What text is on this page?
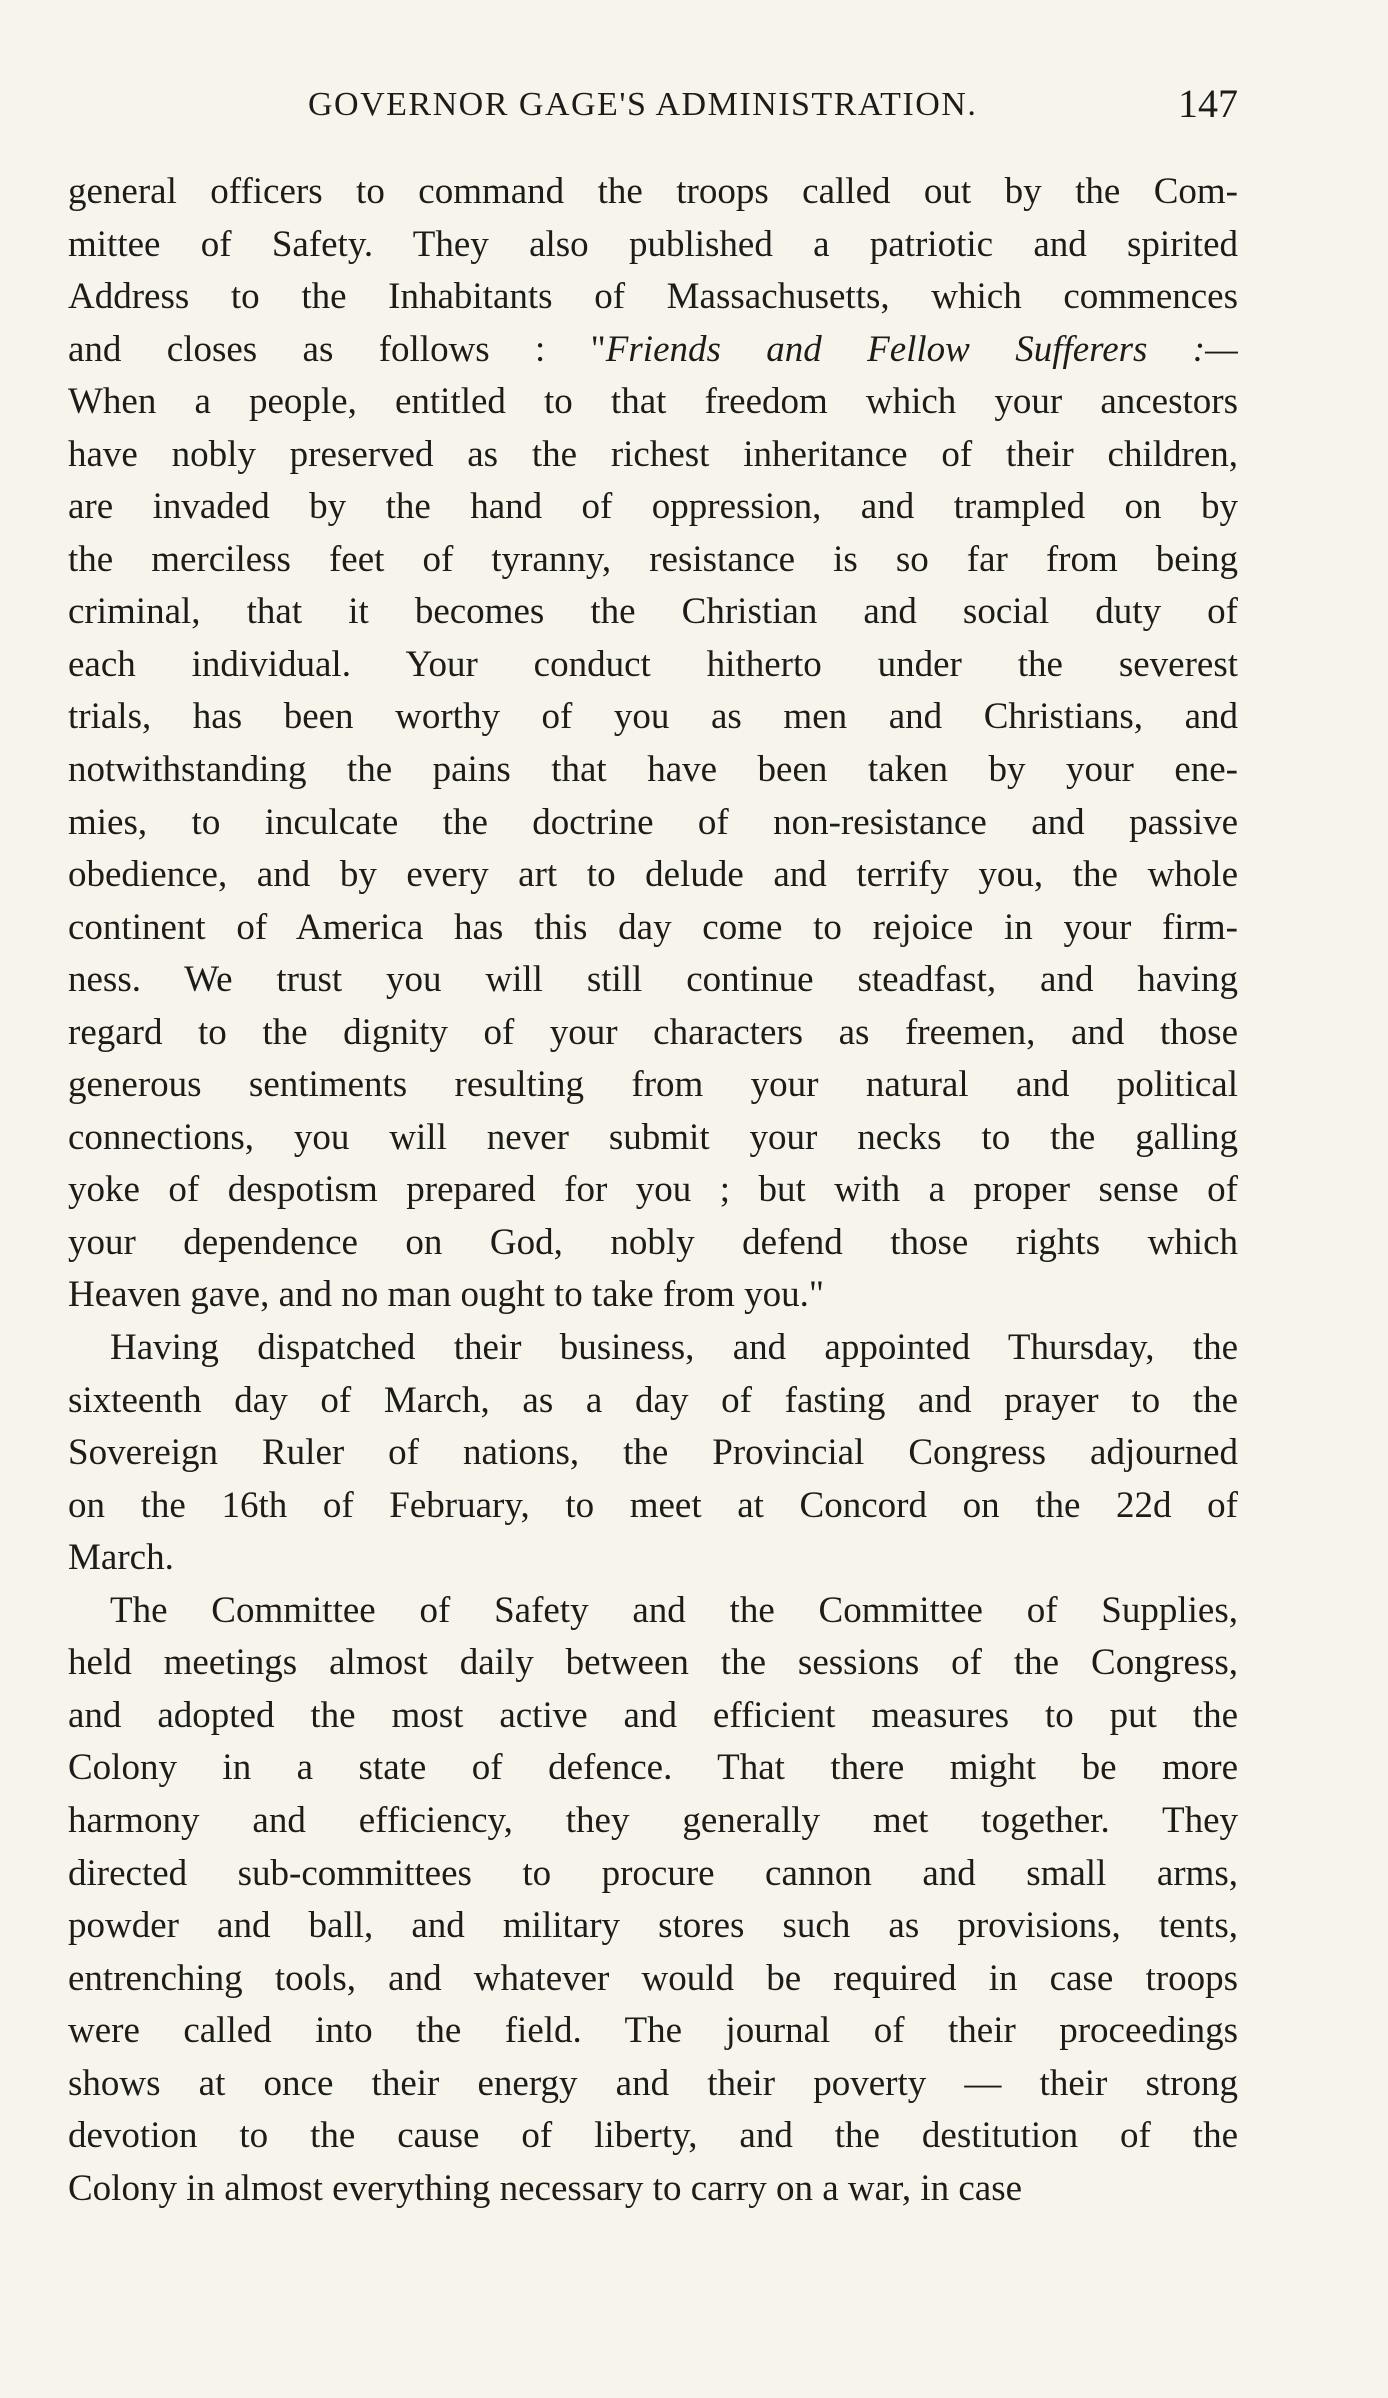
GOVERNOR GAGE'S ADMINISTRATION.	147
general officers to command the troops called out by the Com-
mittee of Safety. They also published a patriotic and spirited
Address to the Inhabitants of Massachusetts, which commences
and closes as follows : "Friends and Fellow Sufferers :—
When a people, entitled to that freedom which your ancestors
have nobly preserved as the richest inheritance of their children,
are invaded by the hand of oppression, and trampled on by
the merciless feet of tyranny, resistance is so far from being
criminal, that it becomes the Christian and social duty of
each individual. Your conduct hitherto under the severest
trials, has been worthy of you as men and Christians, and
notwithstanding the pains that have been taken by your ene-
mies, to inculcate the doctrine of non-resistance and passive
obedience, and by every art to delude and terrify you, the whole
continent of America has this day come to rejoice in your firm-
ness. We trust you will still continue steadfast, and having
regard to the dignity of your characters as freemen, and those
generous sentiments resulting from your natural and political
connections, you will never submit your necks to the galling
yoke of despotism prepared for you ; but with a proper sense of
your dependence on God, nobly defend those rights which
Heaven gave, and no man ought to take from you."
Having dispatched their business, and appointed Thursday, the
sixteenth day of March, as a day of fasting and prayer to the
Sovereign Ruler of nations, the Provincial Congress adjourned
on the 16th of February, to meet at Concord on the 22d of
March.
The Committee of Safety and the Committee of Supplies,
held meetings almost daily between the sessions of the Congress,
and adopted the most active and efficient measures to put the
Colony in a state of defence. That there might be more
harmony and efficiency, they generally met together. They
directed sub-committees to procure cannon and small arms,
powder and ball, and military stores such as provisions, tents,
entrenching tools, and whatever would be required in case troops
were called into the field. The journal of their proceedings
shows at once their energy and their poverty — their strong
devotion to the cause of liberty, and the destitution of the
Colony in almost everything necessary to carry on a war, in case
